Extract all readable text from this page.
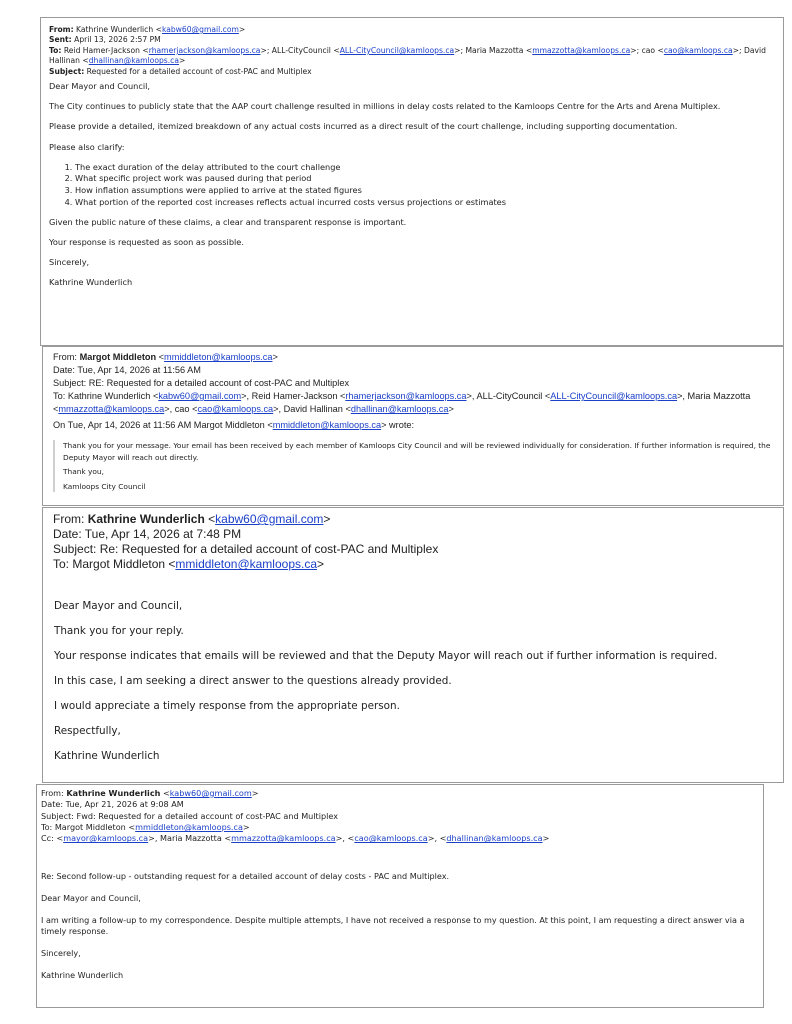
From: Kathrine Wunderlich <kabw60@gmail.com>

Sent: April 13, 2026 2:57 PM

To: Reid Hamer-Jackson <rhamerjackson@kamloops.ca>; ALL-CityCouncil <ALL-CityCouncil@kamloops.ca>; Maria Mazzotta <mmazzotta@kamloops.ca>; cao <cao@kamloops.ca>; David Hallinan <dhallinan@kamloops.ca>

Subject: Requested for a detailed account of cost-PAC and Multiplex

Dear Mayor and Council,

The City continues to publicly state that the AAP court challenge resulted in millions in delay costs related to the Kamloops Centre for the Arts and Arena Multiplex.

Please provide a detailed, itemized breakdown of any actual costs incurred as a direct result of the court challenge, including supporting documentation.

Please also clarify:

1. The exact duration of the delay attributed to the court challenge
2. What specific project work was paused during that period
3. How inflation assumptions were applied to arrive at the stated figures
4. What portion of the reported cost increases reflects actual incurred costs versus projections or estimates

Given the public nature of these claims, a clear and transparent response is important.

Your response is requested as soon as possible.

Sincerely,

Kathrine Wunderlich

From: Margot Middleton <mmiddleton@kamloops.ca>

Date: Tue, Apr 14, 2026 at 11:56 AM

Subject: RE: Requested for a detailed account of cost-PAC and Multiplex

To: Kathrine Wunderlich <kabw60@gmail.com>, Reid Hamer-Jackson <rhamerjackson@kamloops.ca>, ALL-CityCouncil <ALL-CityCouncil@kamloops.ca>, Maria Mazzotta <mmazzotta@kamloops.ca>, cao <cao@kamloops.ca>, David Hallinan <dhallinan@kamloops.ca>

On Tue, Apr 14, 2026 at 11:56 AM Margot Middleton <mmiddleton@kamloops.ca> wrote:

Thank you for your message. Your email has been received by each member of Kamloops City Council and will be reviewed individually for consideration. If further information is required, the Deputy Mayor will reach out directly.

Thank you,

Kamloops City Council

From: Kathrine Wunderlich <kabw60@gmail.com>

Date: Tue, Apr 14, 2026 at 7:48 PM

Subject: Re: Requested for a detailed account of cost-PAC and Multiplex

To: Margot Middleton <mmiddleton@kamloops.ca>

Dear Mayor and Council,

Thank you for your reply.

Your response indicates that emails will be reviewed and that the Deputy Mayor will reach out if further information is required.

In this case, I am seeking a direct answer to the questions already provided.

I would appreciate a timely response from the appropriate person.

Respectfully,

Kathrine Wunderlich

From: Kathrine Wunderlich <kabw60@gmail.com>

Date: Tue, Apr 21, 2026 at 9:08 AM

Subject: Fwd: Requested for a detailed account of cost-PAC and Multiplex

To: Margot Middleton <mmiddleton@kamloops.ca>

Cc: <mayor@kamloops.ca>, Maria Mazzotta <mmazzotta@kamloops.ca>, <cao@kamloops.ca>, <dhallinan@kamloops.ca>

Re: Second follow-up - outstanding request for a detailed account of delay costs - PAC and Multiplex.

Dear Mayor and Council,

I am writing a follow-up to my correspondence. Despite multiple attempts, I have not received a response to my question. At this point, I am requesting a direct answer via a timely response.

Sincerely,

Kathrine Wunderlich
